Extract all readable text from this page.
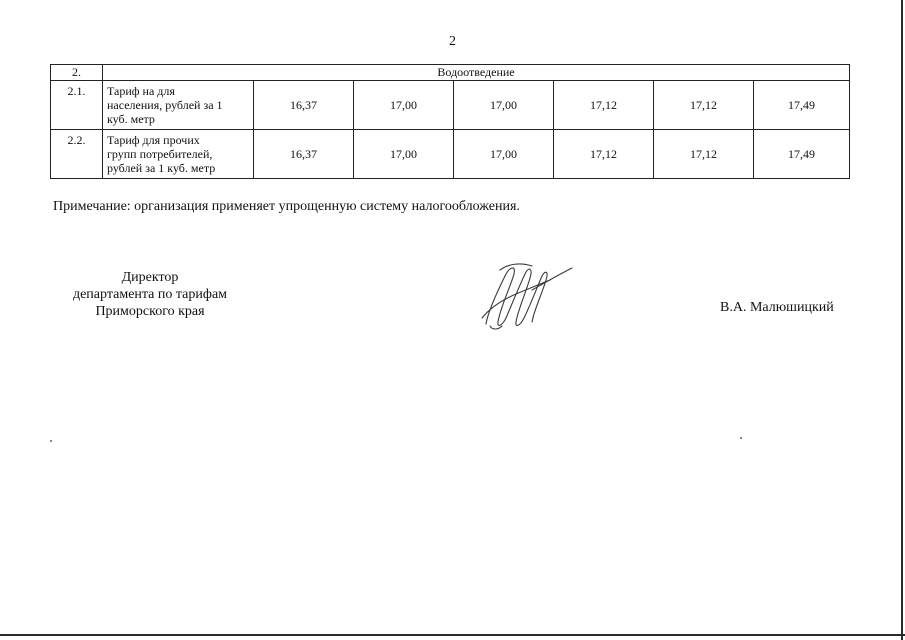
2
2.	Водоотведение						
2.1.	Тариф на для
населения, рублей за 1
куб. метр	16,37	17,00	17,00	17,12	17,12	17,49
2.2.	Тариф для прочих
групп потребителей,
рублей за 1 куб. метр	16,37	17,00	17,00	17,12	17,12	17,49
Примечание: организация применяет упрощенную систему налогообложения.
Директор
департамента по тарифам
Приморского края	В.А. Малюшицкий
